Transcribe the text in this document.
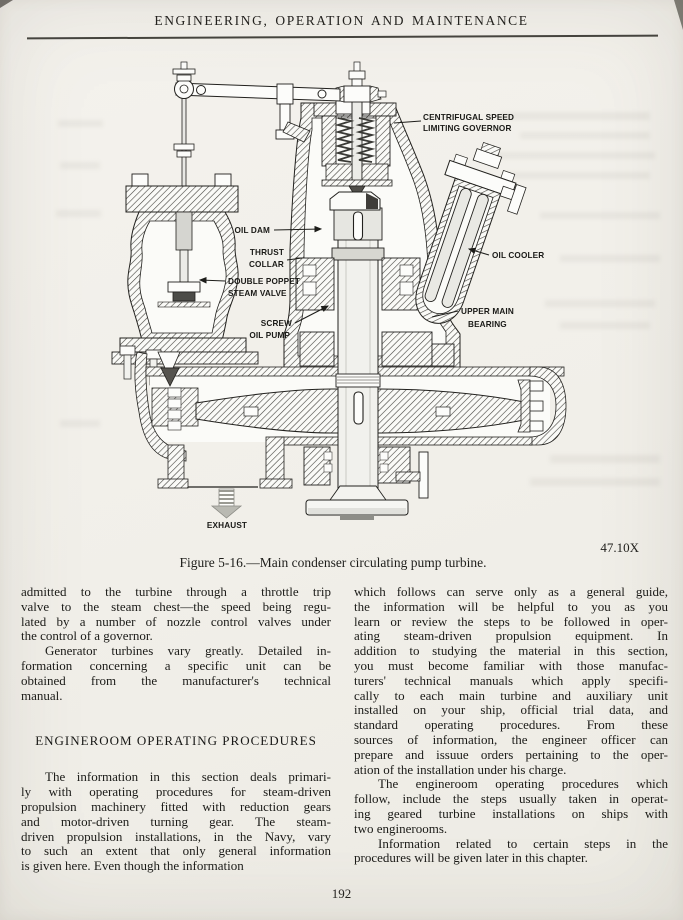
ENGINEERING, OPERATION AND MAINTENANCE
CENTRIFUGAL SPEED
LIMITING GOVERNOR
OIL DAM
THRUST
COLLAR
DOUBLE POPPET
STEAM VALVE
SCREW
OIL PUMP
OIL COOLER
UPPER MAIN
BEARING
EXHAUST
47.10X
Figure 5-16.—Main condenser circulating pump turbine.
admitted to the turbine through a throttle trip
valve to the steam chest—the speed being regu-
lated by a number of nozzle control valves under
the control of a governor.
Generator turbines vary greatly. Detailed in-
formation concerning a specific unit can be
obtained from the manufacturer's technical
manual.
ENGINEROOM OPERATING PROCEDURES
The information in this section deals primari-
ly with operating procedures for steam-driven
propulsion machinery fitted with reduction gears
and motor-driven turning gear. The steam-
driven propulsion installations, in the Navy, vary
to such an extent that only general information
is given here. Even though the information
which follows can serve only as a general guide,
the information will be helpful to you as you
learn or review the steps to be followed in oper-
ating steam-driven propulsion equipment. In
addition to studying the material in this section,
you must become familiar with those manufac-
turers' technical manuals which apply specifi-
cally to each main turbine and auxiliary unit
installed on your ship, official trial data, and
standard operating procedures. From these
sources of information, the engineer officer can
prepare and issuue orders pertaining to the oper-
ation of the installation under his charge.
The engineroom operating procedures which
follow, include the steps usually taken in operat-
ing geared turbine installations on ships with
two enginerooms.
Information related to certain steps in the
procedures will be given later in this chapter.
192
